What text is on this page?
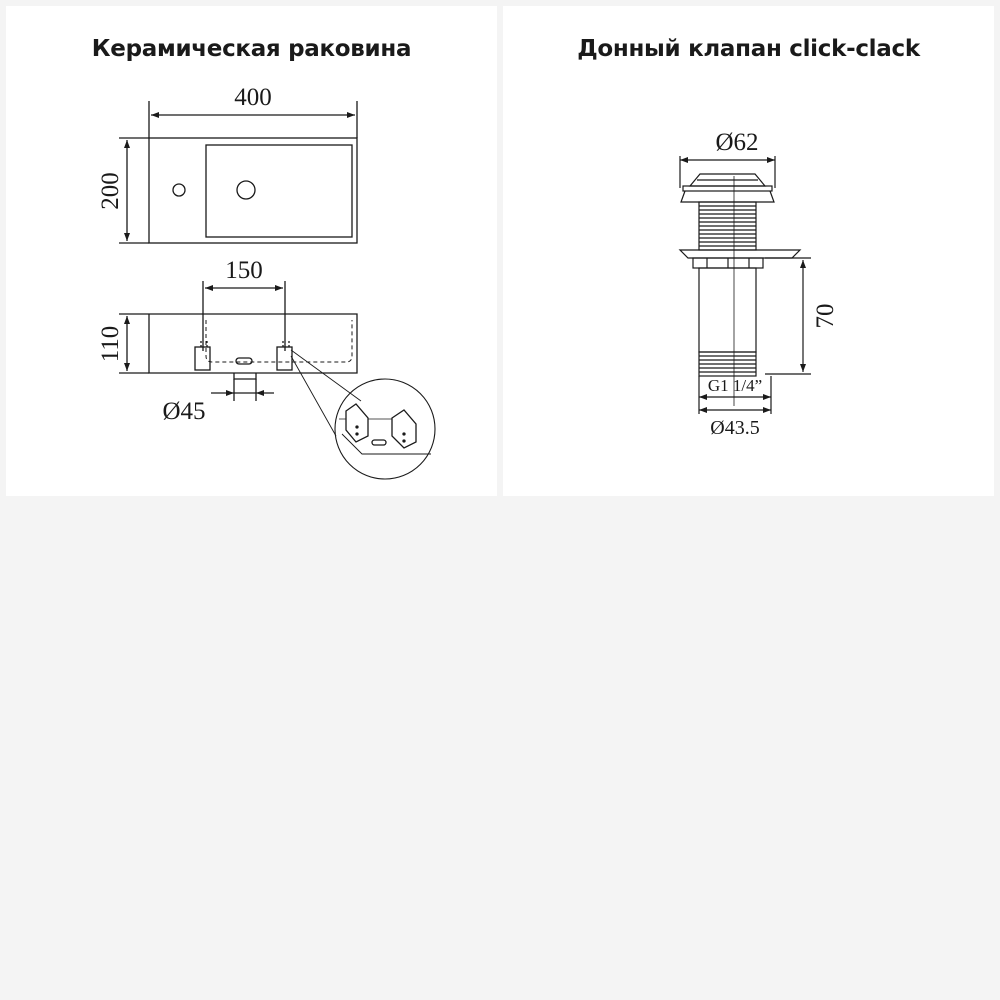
Керамическая раковина
400
200
150
110
Ø45
Донный клапан click-clack
Ø62
70
G1 1/4”
Ø43.5
